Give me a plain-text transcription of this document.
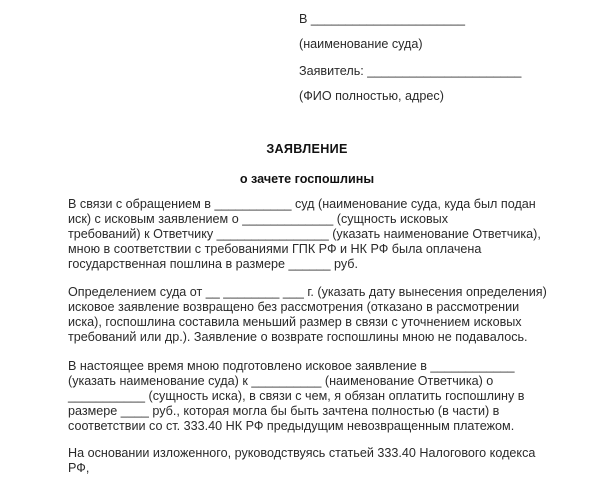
В ______________________
(наименование суда)
Заявитель: ______________________
(ФИО полностью, адрес)
ЗАЯВЛЕНИЕ
о зачете госпошлины
В связи с обращением в ___________ суд (наименование суда, куда был подан
иск) с исковым заявлением о _____________ (сущность исковых
требований) к Ответчику ________________ (указать наименование Ответчика),
мною в соответствии с требованиями ГПК РФ и НК РФ была оплачена
государственная пошлина в размере ______ руб.
Определением суда от __ ________ ___ г. (указать дату вынесения определения)
исковое заявление возвращено без рассмотрения (отказано в рассмотрении
иска), госпошлина составила меньший размер в связи с уточнением исковых
требований или др.). Заявление о возврате госпошлины мною не подавалось.
В настоящее время мною подготовлено исковое заявление в ____________
(указать наименование суда) к __________ (наименование Ответчика) о
___________ (сущность иска), в связи с чем, я обязан оплатить госпошлину в
размере ____ руб., которая могла бы быть зачтена полностью (в части) в
соответствии со ст. 333.40 НК РФ предыдущим невозвращенным платежом.
На основании изложенного, руководствуясь статьей 333.40 Налогового кодекса
РФ,
